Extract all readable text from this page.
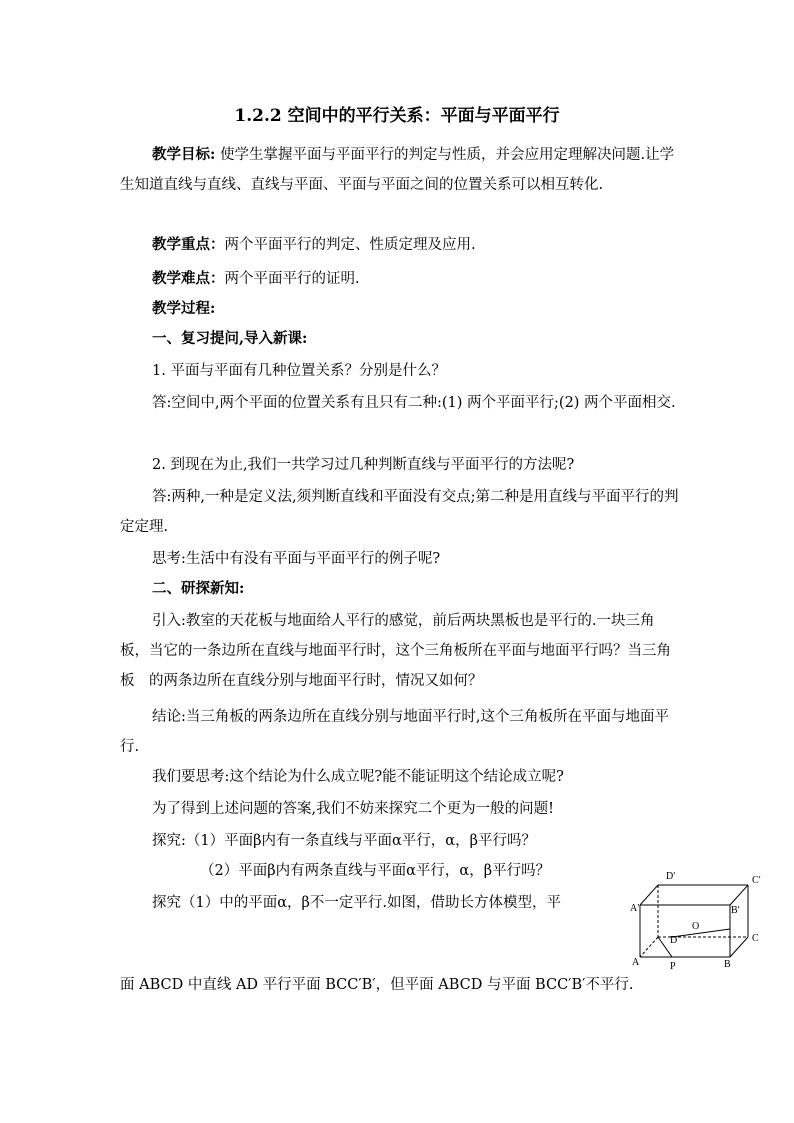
1.2.2 空间中的平行关系：平面与平面平行

教学目标: 使学生掌握平面与平面平行的判定与性质，并会应用定理解决问题.让学生知道直线与直线、直线与平面、平面与平面之间的位置关系可以相互转化.

教学重点：两个平面平行的判定、性质定理及应用.

教学难点：两个平面平行的证明.

教学过程:

一、复习提问,导入新课:

1. 平面与平面有几种位置关系？分别是什么？

答:空间中,两个平面的位置关系有且只有二种:(1) 两个平面平行;(2) 两个平面相交.

2. 到现在为止,我们一共学习过几种判断直线与平面平行的方法呢?

答:两种,一种是定义法,须判断直线和平面没有交点;第二种是用直线与平面平行的判定定理.

思考:生活中有没有平面与平面平行的例子呢?

二、研探新知:

引入:教室的天花板与地面给人平行的感觉，前后两块黑板也是平行的.一块三角板，当它的一条边所在直线与地面平行时，这个三角板所在平面与地面平行吗？当三角板　的两条边所在直线分别与地面平行时，情况又如何？

结论:当三角板的两条边所在直线分别与地面平行时,这个三角板所在平面与地面平行.

我们要思考:这个结论为什么成立呢?能不能证明这个结论成立呢?

为了得到上述问题的答案,我们不妨来探究二个更为一般的问题!

探究:（1）平面β内有一条直线与平面α平行，α，β平行吗？

（2）平面β内有两条直线与平面α平行，α，β平行吗？

探究（1）中的平面α，β不一定平行.如图，借助长方体模型，平

面 ABCD 中直线 AD 平行平面 BCC′B′，但平面 ABCD 与平面 BCC′B′不平行.

D′	C′
A′	B′
C
D
O
A	P	B
